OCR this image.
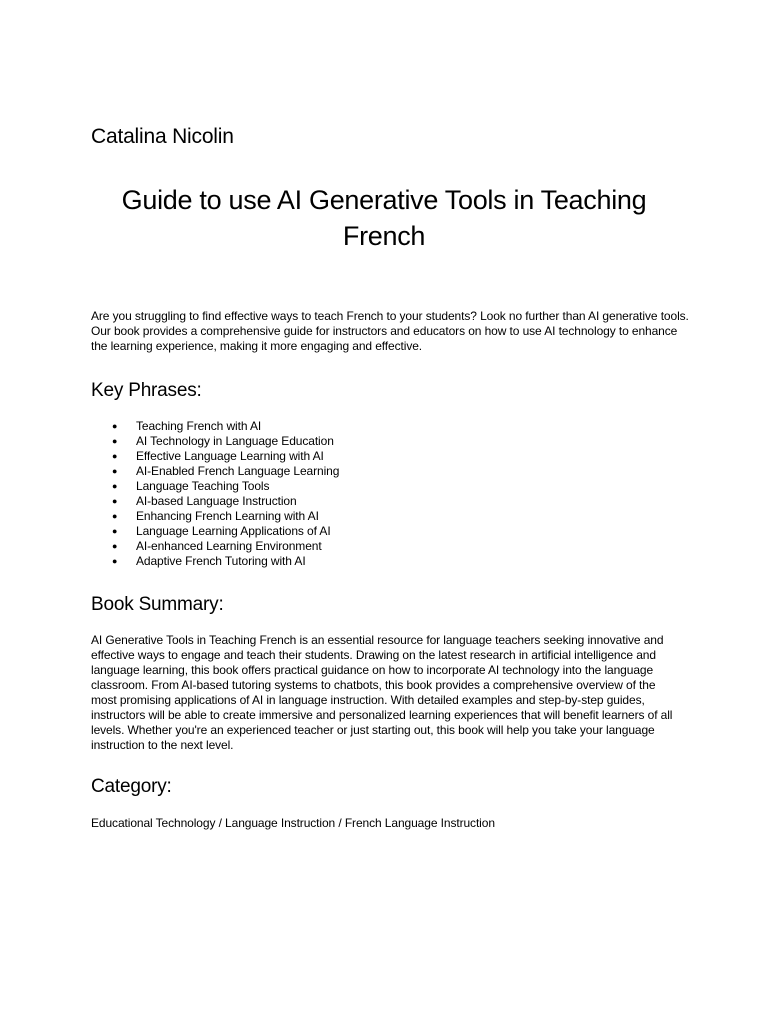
Catalina Nicolin
Guide to use AI Generative Tools in Teaching French

Are you struggling to find effective ways to teach French to your students? Look no further than AI generative tools. Our book provides a comprehensive guide for instructors and educators on how to use AI technology to enhance the learning experience, making it more engaging and effective.

Key Phrases:
● Teaching French with AI
● AI Technology in Language Education
● Effective Language Learning with AI
● AI-Enabled French Language Learning
● Language Teaching Tools
● AI-based Language Instruction
● Enhancing French Learning with AI
● Language Learning Applications of AI
● AI-enhanced Learning Environment
● Adaptive French Tutoring with AI
Book Summary:

AI Generative Tools in Teaching French is an essential resource for language teachers seeking innovative and effective ways to engage and teach their students. Drawing on the latest research in artificial intelligence and language learning, this book offers practical guidance on how to incorporate AI technology into the language classroom. From AI-based tutoring systems to chatbots, this book provides a comprehensive overview of the most promising applications of AI in language instruction. With detailed examples and step-by-step guides, instructors will be able to create immersive and personalized learning experiences that will benefit learners of all levels. Whether you're an experienced teacher or just starting out, this book will help you take your language instruction to the next level.

Category:

Educational Technology / Language Instruction / French Language Instruction
